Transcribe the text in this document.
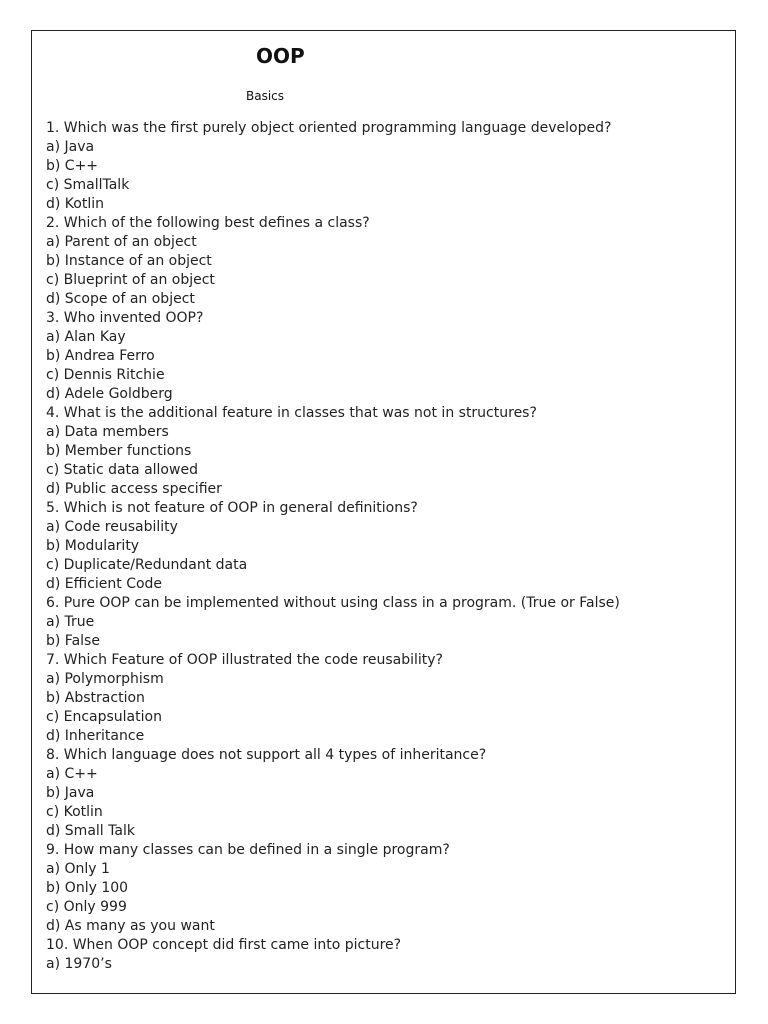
OOP
Basics
1. Which was the first purely object oriented programming language developed?
a) Java
b) C++
c) SmallTalk
d) Kotlin
2. Which of the following best defines a class?
a) Parent of an object
b) Instance of an object
c) Blueprint of an object
d) Scope of an object
3. Who invented OOP?
a) Alan Kay
b) Andrea Ferro
c) Dennis Ritchie
d) Adele Goldberg
4. What is the additional feature in classes that was not in structures?
a) Data members
b) Member functions
c) Static data allowed
d) Public access specifier
5. Which is not feature of OOP in general definitions?
a) Code reusability
b) Modularity
c) Duplicate/Redundant data
d) Efficient Code
6. Pure OOP can be implemented without using class in a program. (True or False)
a) True
b) False
7. Which Feature of OOP illustrated the code reusability?
a) Polymorphism
b) Abstraction
c) Encapsulation
d) Inheritance
8. Which language does not support all 4 types of inheritance?
a) C++
b) Java
c) Kotlin
d) Small Talk
9. How many classes can be defined in a single program?
a) Only 1
b) Only 100
c) Only 999
d) As many as you want
10. When OOP concept did first came into picture?
a) 1970’s
